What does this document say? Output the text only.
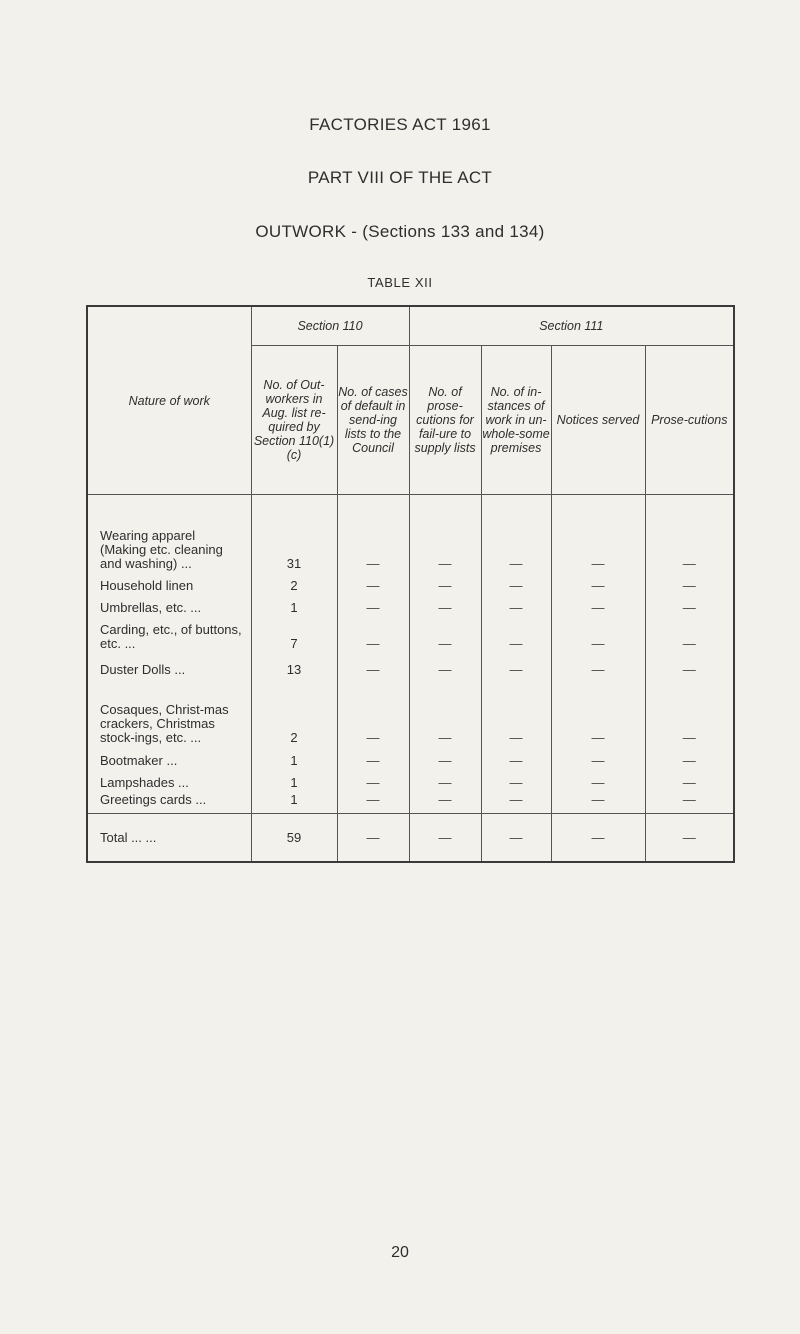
FACTORIES ACT 1961
PART VIII OF THE ACT
OUTWORK - (Sections 133 and 134)
TABLE XII
Nature of work	Section 110		Section 111			
	No. of Out-workers in Aug. list re-quired by Section 110(1) (c)	No. of cases of default in send-ing lists to the Council	No. of prose-cutions for fail-ure to supply lists	No. of in-stances of work in un-whole-some premises	Notices served	Prose-cutions
Wearing apparel (Making etc. cleaning and washing) ...	31	—	—	—	—	—
Household linen	2	—	—	—	—	—
Umbrellas, etc. ...	1	—	—	—	—	—
Carding, etc., of buttons, etc. ...	7	—	—	—	—	—
Duster Dolls ...	13	—	—	—	—	—
Cosaques, Christ-mas crackers, Christmas stock-ings, etc. ...	2	—	—	—	—	—
Bootmaker ...	1	—	—	—	—	—
Lampshades ...	1	—	—	—	—	—
Greetings cards ...	1	—	—	—	—	—
Total ... ...	59	—	—	—	—	—
20
